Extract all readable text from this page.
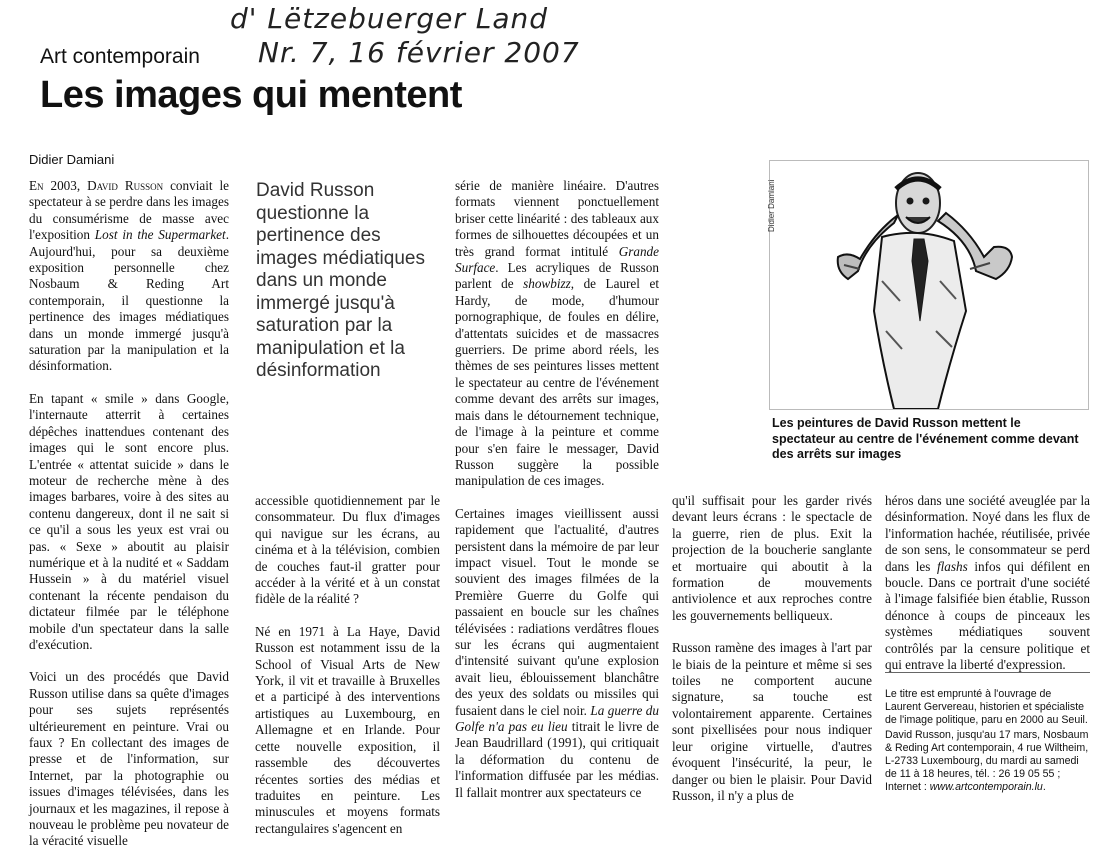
d' Lëtzebuerger Land
Nr. 7, 16 février 2007
Art contemporain
Les images qui mentent
Didier Damiani

En 2003, David Russon conviait le spectateur à se perdre dans les images du consumérisme de masse avec l'exposition Lost in the Supermarket. Aujourd'hui, pour sa deuxième exposition personnelle chez Nosbaum & Reding Art contemporain, il questionne la pertinence des images médiatiques dans un monde immergé jusqu'à saturation par la manipulation et la désinformation.

En tapant « smile » dans Google, l'internaute atterrit à certaines dépêches inattendues contenant des images qui le sont encore plus. L'entrée « attentat suicide » dans le moteur de recherche mène à des images barbares, voire à des sites au contenu dangereux, dont il ne sait si ce qu'il a sous les yeux est vrai ou pas. « Sexe » aboutit au plaisir numérique et à la nudité et « Saddam Hussein » à du matériel visuel contenant la récente pendaison du dictateur filmée par le téléphone mobile d'un spectateur dans la salle d'exécution.

Voici un des procédés que David Russon utilise dans sa quête d'images pour ses sujets représentés ultérieurement en peinture. Vrai ou faux ? En collectant des images de presse et de l'information, sur Internet, par la photographie ou issues d'images télévisées, dans les journaux et les magazines, il repose à nouveau le problème peu novateur de la véracité visuelle

David Russon questionne la pertinence des images médiatiques dans un monde immergé jusqu'à saturation par la manipulation et la désinformation

accessible quotidiennement par le consommateur. Du flux d'images qui navigue sur les écrans, au cinéma et à la télévision, combien de couches faut-il gratter pour accéder à la vérité et à un constat fidèle de la réalité ?

Né en 1971 à La Haye, David Russon est notamment issu de la School of Visual Arts de New York, il vit et travaille à Bruxelles et a participé à des interventions artistiques au Luxembourg, en Allemagne et en Irlande. Pour cette nouvelle exposition, il rassemble des découvertes récentes sorties des médias et traduites en peinture. Les minuscules et moyens formats rectangulaires s'agencent en

série de manière linéaire. D'autres formats viennent ponctuellement briser cette linéarité : des tableaux aux formes de silhouettes découpées et un très grand format intitulé Grande Surface. Les acryliques de Russon parlent de showbizz, de Laurel et Hardy, de mode, d'humour pornographique, de foules en délire, d'attentats suicides et de massacres guerriers. De prime abord réels, les thèmes de ses peintures lisses mettent le spectateur au centre de l'événement comme devant des arrêts sur images, mais dans le détournement technique, de l'image à la peinture et comme pour s'en faire le messager, David Russon suggère la possible manipulation de ces images.

Certaines images vieillissent aussi rapidement que l'actualité, d'autres persistent dans la mémoire de par leur impact visuel. Tout le monde se souvient des images filmées de la Première Guerre du Golfe qui passaient en boucle sur les chaînes télévisées : radiations verdâtres floues sur les écrans qui augmentaient d'intensité suivant qu'une explosion avait lieu, éblouissement blanchâtre des yeux des soldats ou missiles qui fusaient dans le ciel noir. La guerre du Golfe n'a pas eu lieu titrait le livre de Jean Baudrillard (1991), qui critiquait la déformation du contenu de l'information diffusée par les médias. Il fallait montrer aux spectateurs ce

qu'il suffisait pour les garder rivés devant leurs écrans : le spectacle de la guerre, rien de plus. Exit la projection de la boucherie sanglante et mortuaire qui aboutit à la formation de mouvements antiviolence et aux reproches contre les gouvernements belliqueux.

Russon ramène des images à l'art par le biais de la peinture et même si ses toiles ne comportent aucune signature, sa touche est volontairement apparente. Certaines sont pixellisées pour nous indiquer leur origine virtuelle, d'autres évoquent l'insécurité, la peur, le danger ou bien le plaisir. Pour David Russon, il n'y a plus de

Didier Damiani
Les peintures de David Russon mettent le spectateur au centre de l'événement comme devant des arrêts sur images

héros dans une société aveuglée par la désinformation. Noyé dans les flux de l'information hachée, réutilisée, privée de son sens, le consommateur se perd dans les flashs infos qui défilent en boucle. Dans ce portrait d'une société à l'image falsifiée bien établie, Russon dénonce à coups de pinceaux les systèmes médiatiques souvent contrôlés par la censure politique et qui entrave la liberté d'expression.

Le titre est emprunté à l'ouvrage de Laurent Gervereau, historien et spécialiste de l'image politique, paru en 2000 au Seuil.
David Russon, jusqu'au 17 mars, Nosbaum & Reding Art contemporain, 4 rue Wiltheim, L-2733 Luxembourg, du mardi au samedi de 11 à 18 heures, tél. : 26 19 05 55 ; Internet : www.artcontemporain.lu.
